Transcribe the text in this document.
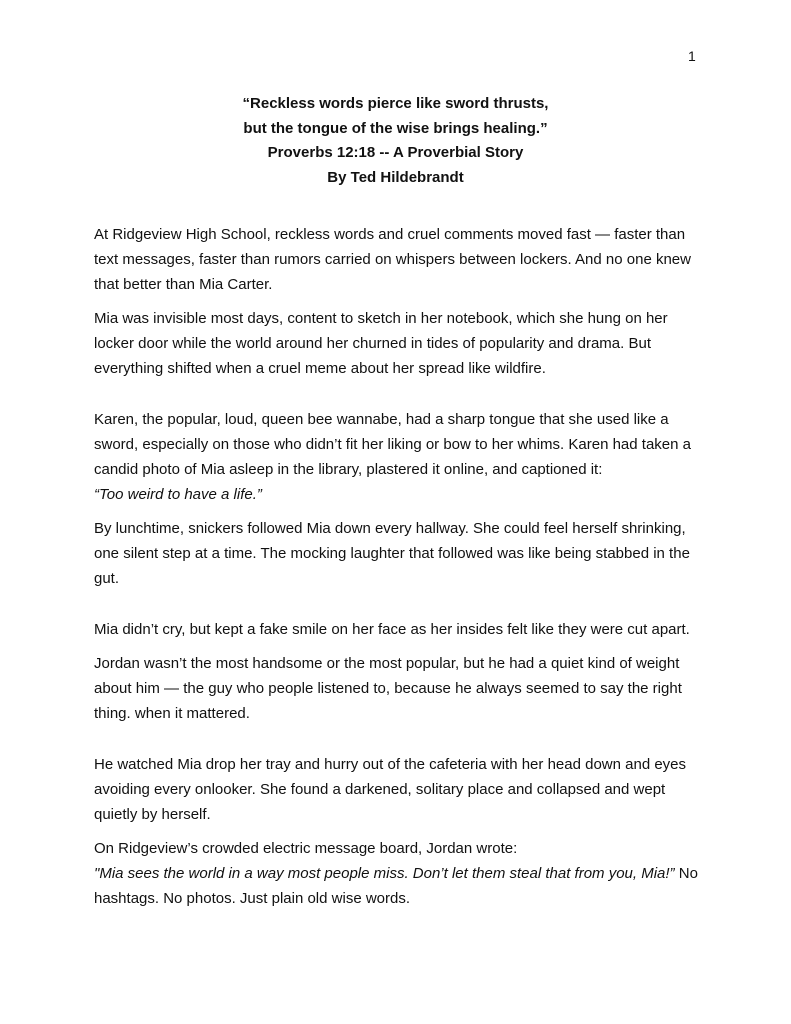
1
“Reckless words pierce like sword thrusts,
but the tongue of the wise brings healing.”
Proverbs 12:18 -- A Proverbial Story
By Ted Hildebrandt

At Ridgeview High School, reckless words and cruel comments moved fast — faster than text messages, faster than rumors carried on whispers between lockers. And no one knew that better than Mia Carter.

Mia was invisible most days, content to sketch in her notebook, which she hung on her locker door while the world around her churned in tides of popularity and drama. But everything shifted when a cruel meme about her spread like wildfire.

Karen, the popular, loud, queen bee wannabe, had a sharp tongue that she used like a sword, especially on those who didn’t fit her liking or bow to her whims. Karen had taken a candid photo of Mia asleep in the library, plastered it online, and captioned it:
“Too weird to have a life.”

By lunchtime, snickers followed Mia down every hallway. She could feel herself shrinking, one silent step at a time. The mocking laughter that followed was like being stabbed in the gut.

Mia didn’t cry, but kept a fake smile on her face as her insides felt like they were cut apart.

Jordan wasn’t the most handsome or the most popular, but he had a quiet kind of weight about him — the guy who people listened to, because he always seemed to say the right thing. when it mattered.

He watched Mia drop her tray and hurry out of the cafeteria with her head down and eyes avoiding every onlooker. She found a darkened, solitary place and collapsed and wept quietly by herself.

On Ridgeview’s crowded electric message board, Jordan wrote:
"Mia sees the world in a way most people miss. Don’t let them steal that from you, Mia!” No hashtags. No photos. Just plain old wise words.
